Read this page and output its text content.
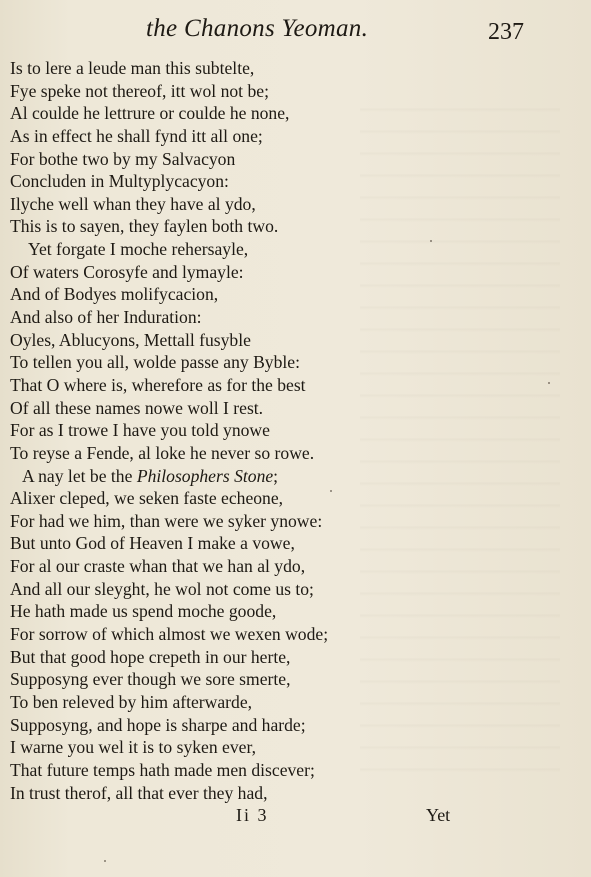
the Chanons Yeoman.	237
Is to lere a leude man this subtelte,
Fye speke not thereof, itt wol not be;
Al coulde he lettrure or coulde he none,
As in effect he shall fynd itt all one;
For bothe two by my Salvacyon
Concluden in Multyplycacyon:
Ilyche well whan they have al ydo,
This is to sayen, they faylen both two.
Yet forgate I moche rehersayle,
Of waters Corosyfe and lymayle:
And of Bodyes molifycacion,
And also of her Induration:
Oyles, Ablucyons, Mettall fusyble
To tellen you all, wolde passe any Byble:
That O where is, wherefore as for the best
Of all these names nowe woll I rest.
For as I trowe I have you told ynowe
To reyse a Fende, al loke he never so rowe.
A nay let be the Philosophers Stone;
Alixer cleped, we seken faste echeone,
For had we him, than were we syker ynowe:
But unto God of Heaven I make a vowe,
For al our craste whan that we han al ydo,
And all our sleyght, he wol not come us to;
He hath made us spend moche goode,
For sorrow of which almost we wexen wode;
But that good hope crepeth in our herte,
Supposyng ever though we sore smerte,
To ben releved by him afterwarde,
Supposyng, and hope is sharpe and harde;
I warne you wel it is to syken ever,
That future temps hath made men discever;
In trust therof, all that ever they had,
Ii 3	Yet
